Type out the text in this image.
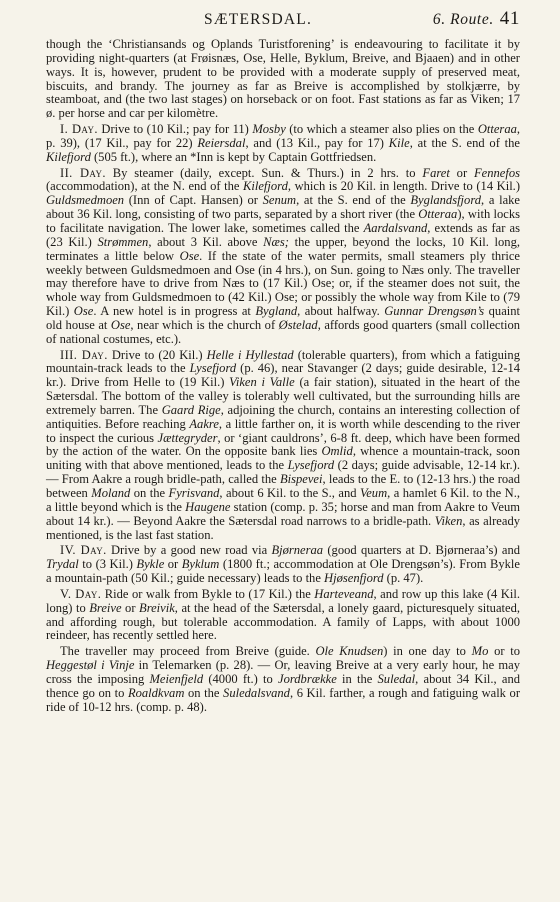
SÆTERSDAL.	6. Route. 41

though the ‘Christiansands og Oplands Turistforening’ is endeavouring to facilitate it by providing night-quarters (at Frøisnæs, Ose, Helle, Byklum, Breive, and Bjaaen) and in other ways. It is, however, prudent to be provided with a moderate supply of preserved meat, biscuits, and brandy. The journey as far as Breive is accomplished by stolkjærre, by steamboat, and (the two last stages) on horseback or on foot. Fast stations as far as Viken; 17 ø. per horse and car per kilomètre.

I. Day. Drive to (10 Kil.; pay for 11) Mosby (to which a steamer also plies on the Otteraa, p. 39), (17 Kil., pay for 22) Reiersdal, and (13 Kil., pay for 17) Kile, at the S. end of the Kilefjord (505 ft.), where an *Inn is kept by Captain Gottfriedsen.

II. Day. By steamer (daily, except. Sun. & Thurs.) in 2 hrs. to Faret or Fennefos (accommodation), at the N. end of the Kilefjord, which is 20 Kil. in length. Drive to (14 Kil.) Guldsmedmoen (Inn of Capt. Hansen) or Senum, at the S. end of the Byglandsfjord, a lake about 36 Kil. long, consisting of two parts, separated by a short river (the Otteraa), with locks to facilitate navigation. The lower lake, sometimes called the Aardalsvand, extends as far as (23 Kil.) Strømmen, about 3 Kil. above Næs; the upper, beyond the locks, 10 Kil. long, terminates a little below Ose. If the state of the water permits, small steamers ply thrice weekly between Guldsmedmoen and Ose (in 4 hrs.), on Sun. going to Næs only. The traveller may therefore have to drive from Næs to (17 Kil.) Ose; or, if the steamer does not suit, the whole way from Guldsmedmoen to (42 Kil.) Ose; or possibly the whole way from Kile to (79 Kil.) Ose. A new hotel is in progress at Bygland, about halfway. Gunnar Drengsøn’s quaint old house at Ose, near which is the church of Østelad, affords good quarters (small collection of national costumes, etc.).

III. Day. Drive to (20 Kil.) Helle i Hyllestad (tolerable quarters), from which a fatiguing mountain-track leads to the Lysefjord (p. 46), near Stavanger (2 days; guide desirable, 12-14 kr.). Drive from Helle to (19 Kil.) Viken i Valle (a fair station), situated in the heart of the Sætersdal. The bottom of the valley is tolerably well cultivated, but the surrounding hills are extremely barren. The Gaard Rige, adjoining the church, contains an interesting collection of antiquities. Before reaching Aakre, a little farther on, it is worth while descending to the river to inspect the curious Jættegryder, or ‘giant cauldrons’, 6-8 ft. deep, which have been formed by the action of the water. On the opposite bank lies Omlid, whence a mountain-track, soon uniting with that above mentioned, leads to the Lysefjord (2 days; guide advisable, 12-14 kr.). — From Aakre a rough bridle-path, called the Bispevei, leads to the E. to (12-13 hrs.) the road between Moland on the Fyrisvand, about 6 Kil. to the S., and Veum, a hamlet 6 Kil. to the N., a little beyond which is the Haugene station (comp. p. 35; horse and man from Aakre to Veum about 14 kr.). — Beyond Aakre the Sætersdal road narrows to a bridle-path. Viken, as already mentioned, is the last fast station.

IV. Day. Drive by a good new road via Bjørneraa (good quarters at D. Bjørneraa’s) and Trydal to (3 Kil.) Bykle or Byklum (1800 ft.; accommodation at Ole Drengsøn’s). From Bykle a mountain-path (50 Kil.; guide necessary) leads to the Hjøsenfjord (p. 47).

V. Day. Ride or walk from Bykle to (17 Kil.) the Harteveand, and row up this lake (4 Kil. long) to Breive or Breivik, at the head of the Sætersdal, a lonely gaard, picturesquely situated, and affording rough, but tolerable accommodation. A family of Lapps, with about 1000 reindeer, has recently settled here.

The traveller may proceed from Breive (guide. Ole Knudsen) in one day to Mo or to Heggestøl i Vinje in Telemarken (p. 28). — Or, leaving Breive at a very early hour, he may cross the imposing Meienfjeld (4000 ft.) to Jordbrække in the Suledal, about 34 Kil., and thence go on to Roaldkvam on the Suledalsvand, 6 Kil. farther, a rough and fatiguing walk or ride of 10-12 hrs. (comp. p. 48).
